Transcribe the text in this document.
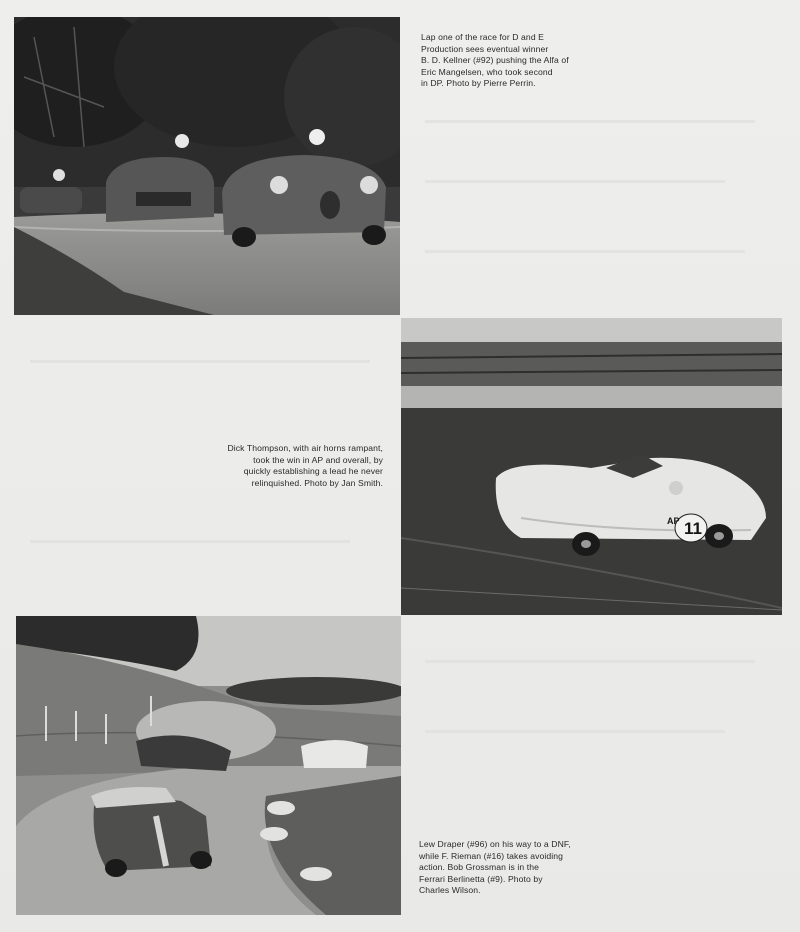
Lap one of the race for D and E
Production sees eventual winner
B. D. Kellner (#92) pushing the Alfa of
Eric Mangelsen, who took second
in DP. Photo by Pierre Perrin.
11
AP
Dick Thompson, with air horns rampant,
took the win in AP and overall, by
quickly establishing a lead he never
relinquished. Photo by Jan Smith.
Lew Draper (#96) on his way to a DNF,
while F. Rieman (#16) takes avoiding
action. Bob Grossman is in the
Ferrari Berlinetta (#9). Photo by
Charles Wilson.
